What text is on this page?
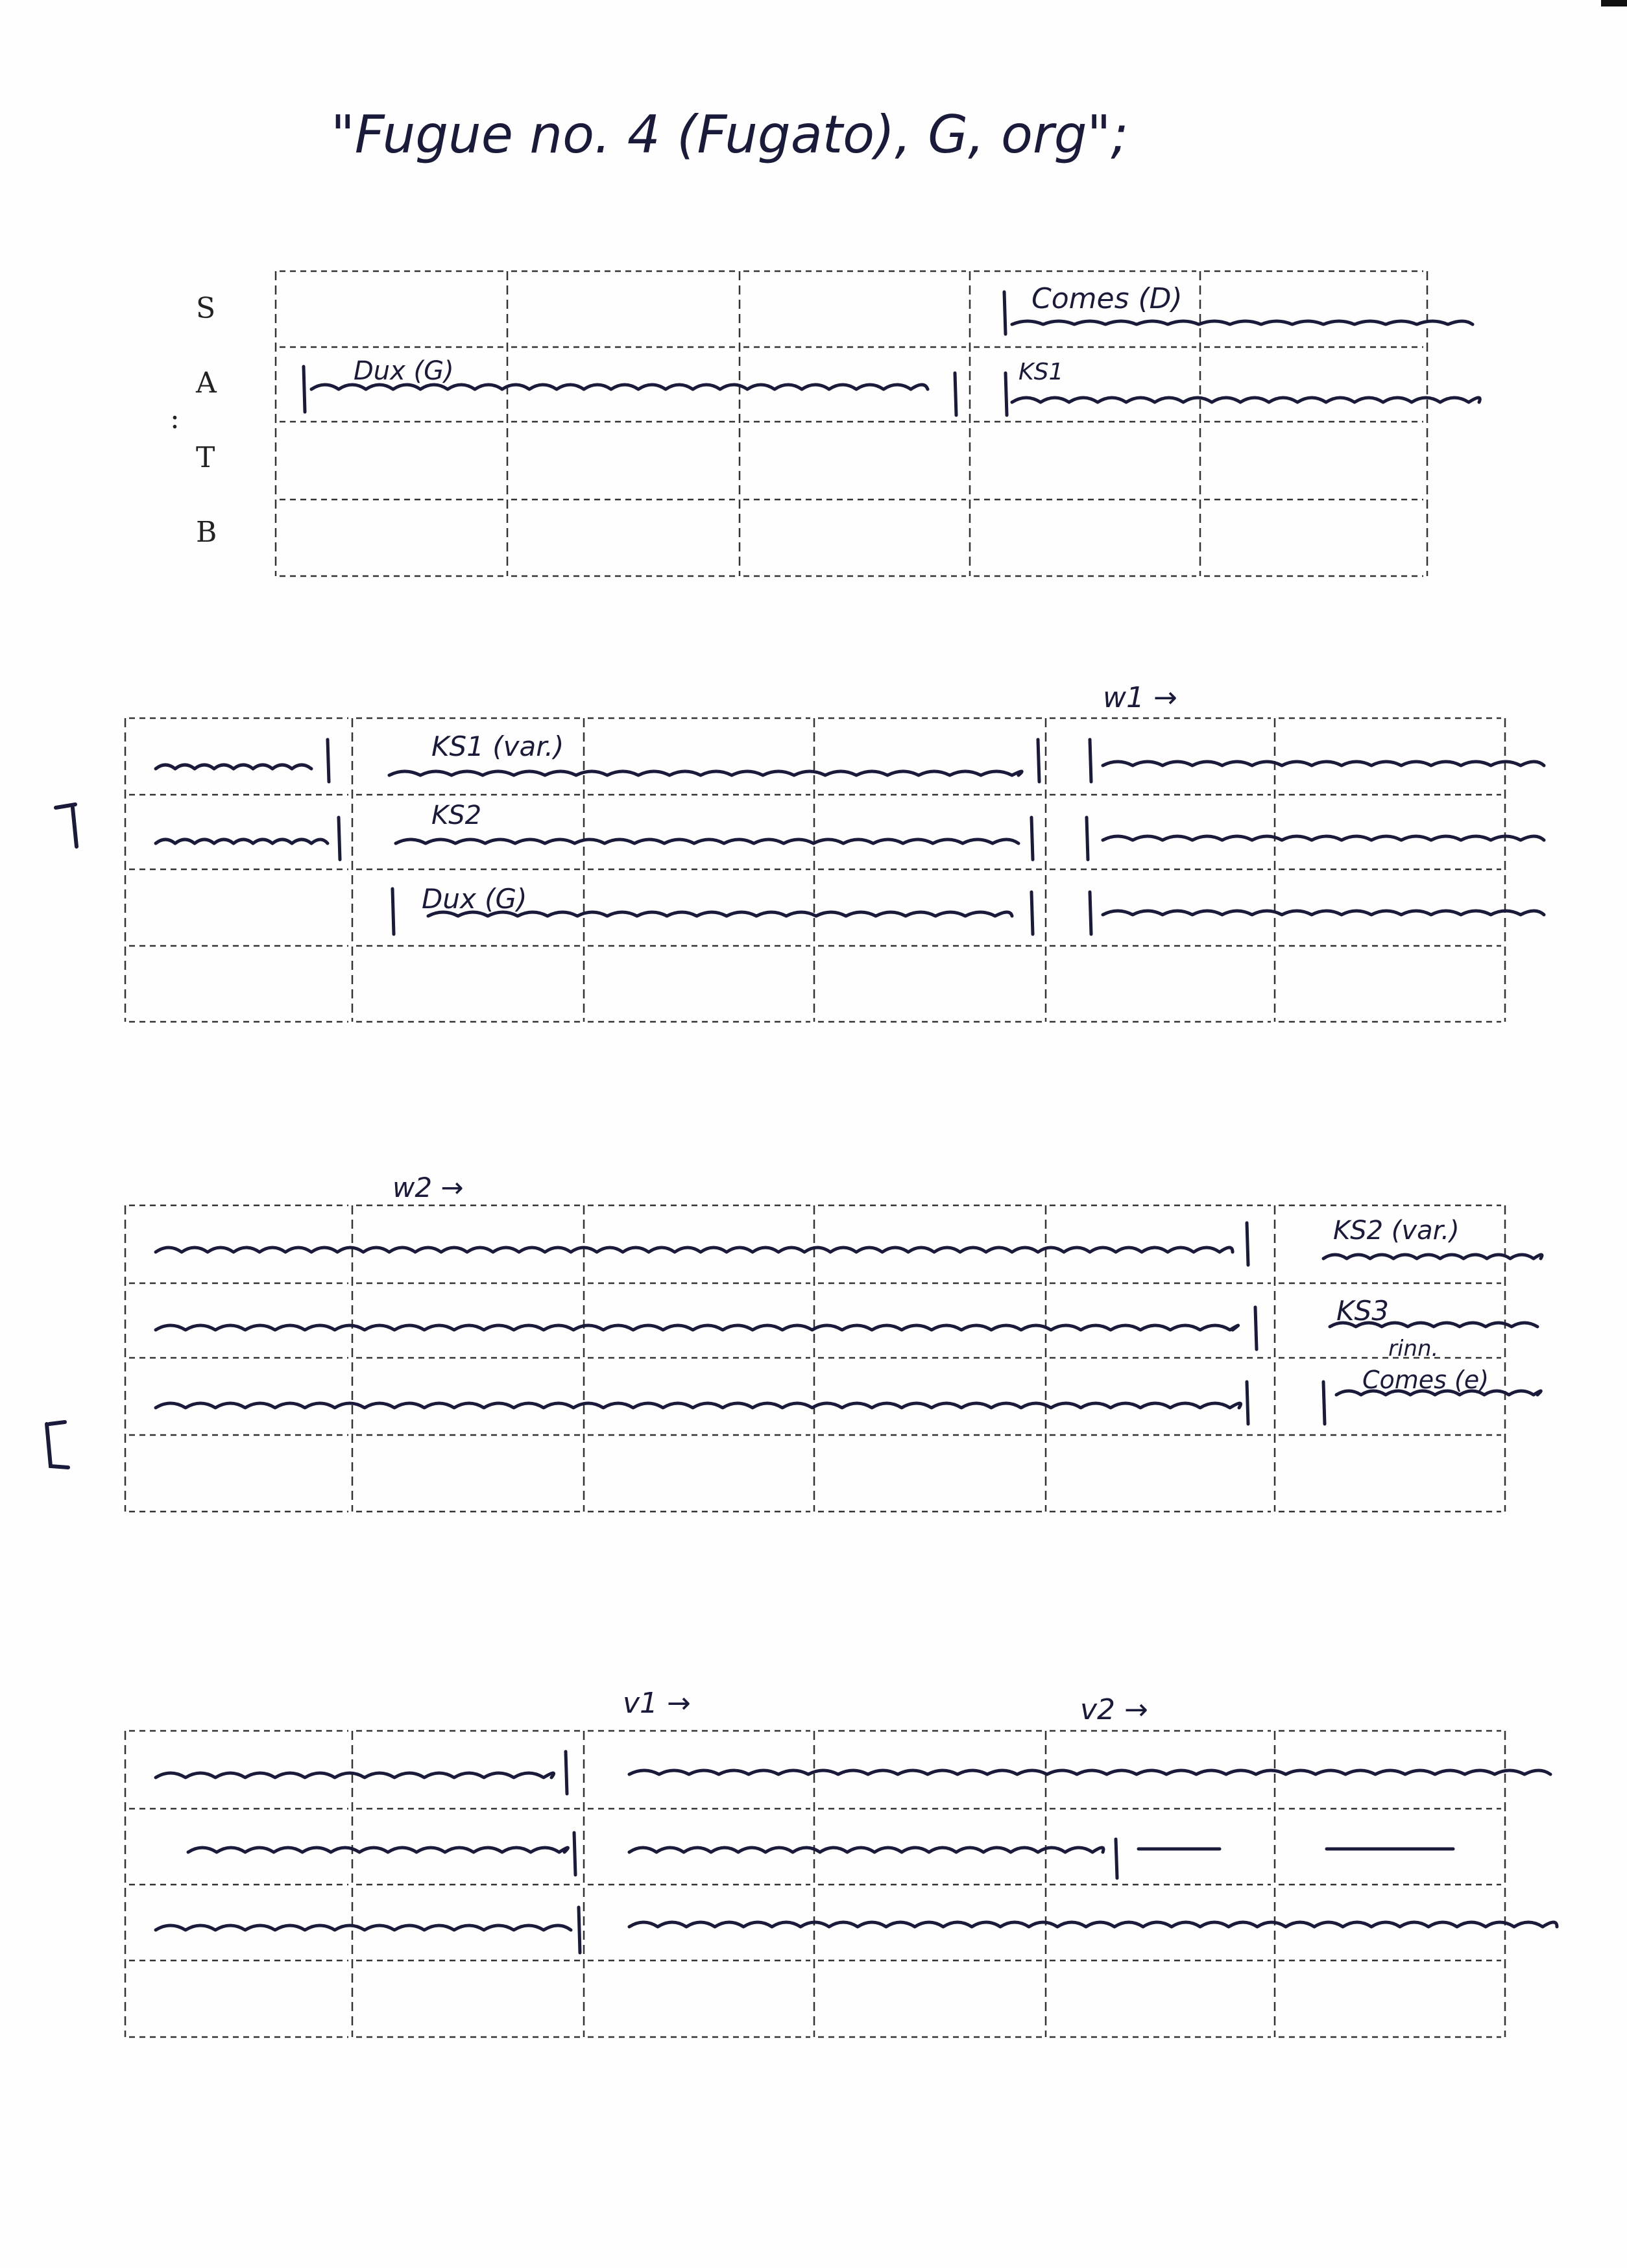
"Fugue no. 4 (Fugato), G, org";
S
A
T
B
:
Dux (G)
Comes (D)
KS1
w1 →
KS1 (var.)
KS2
Dux (G)
w2 →
KS2 (var.)
KS3
rinn.
Comes (e)
v1 →	v2 →
